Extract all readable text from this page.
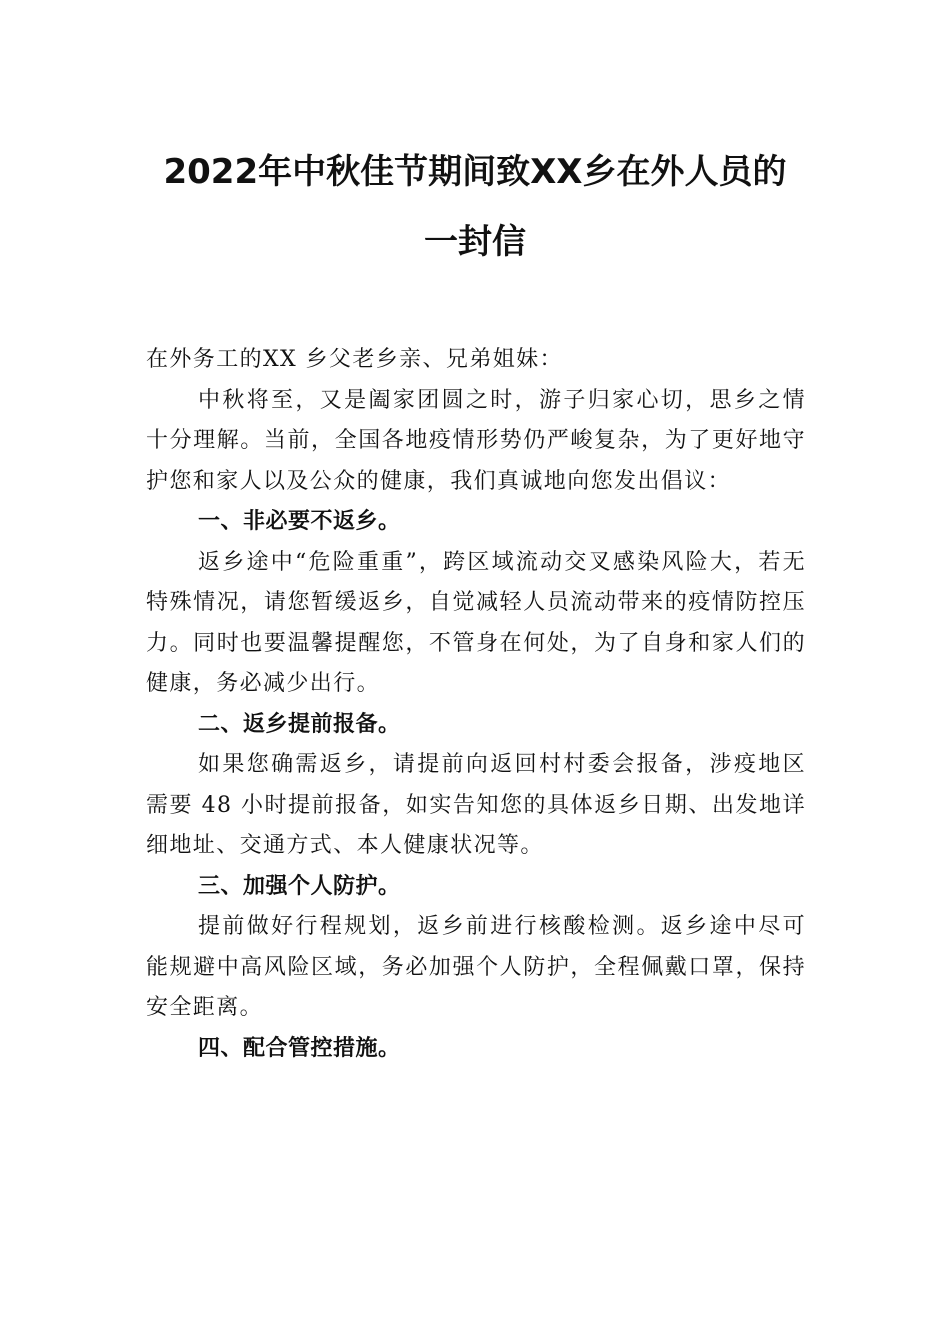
2022年中秋佳节期间致XX乡在外人员的
一封信

在外务工的XX 乡父老乡亲、兄弟姐妹：

中秋将至，又是阖家团圆之时，游子归家心切，思乡之情十分理解。当前，全国各地疫情形势仍严峻复杂，为了更好地守护您和家人以及公众的健康，我们真诚地向您发出倡议：

一、非必要不返乡。

返乡途中“危险重重”，跨区域流动交叉感染风险大，若无特殊情况，请您暂缓返乡，自觉减轻人员流动带来的疫情防控压力。同时也要温馨提醒您，不管身在何处，为了自身和家人们的健康，务必减少出行。

二、返乡提前报备。

如果您确需返乡，请提前向返回村村委会报备，涉疫地区需要 48 小时提前报备，如实告知您的具体返乡日期、出发地详细地址、交通方式、本人健康状况等。

三、加强个人防护。

提前做好行程规划，返乡前进行核酸检测。返乡途中尽可能规避中高风险区域，务必加强个人防护，全程佩戴口罩，保持安全距离。

四、配合管控措施。
